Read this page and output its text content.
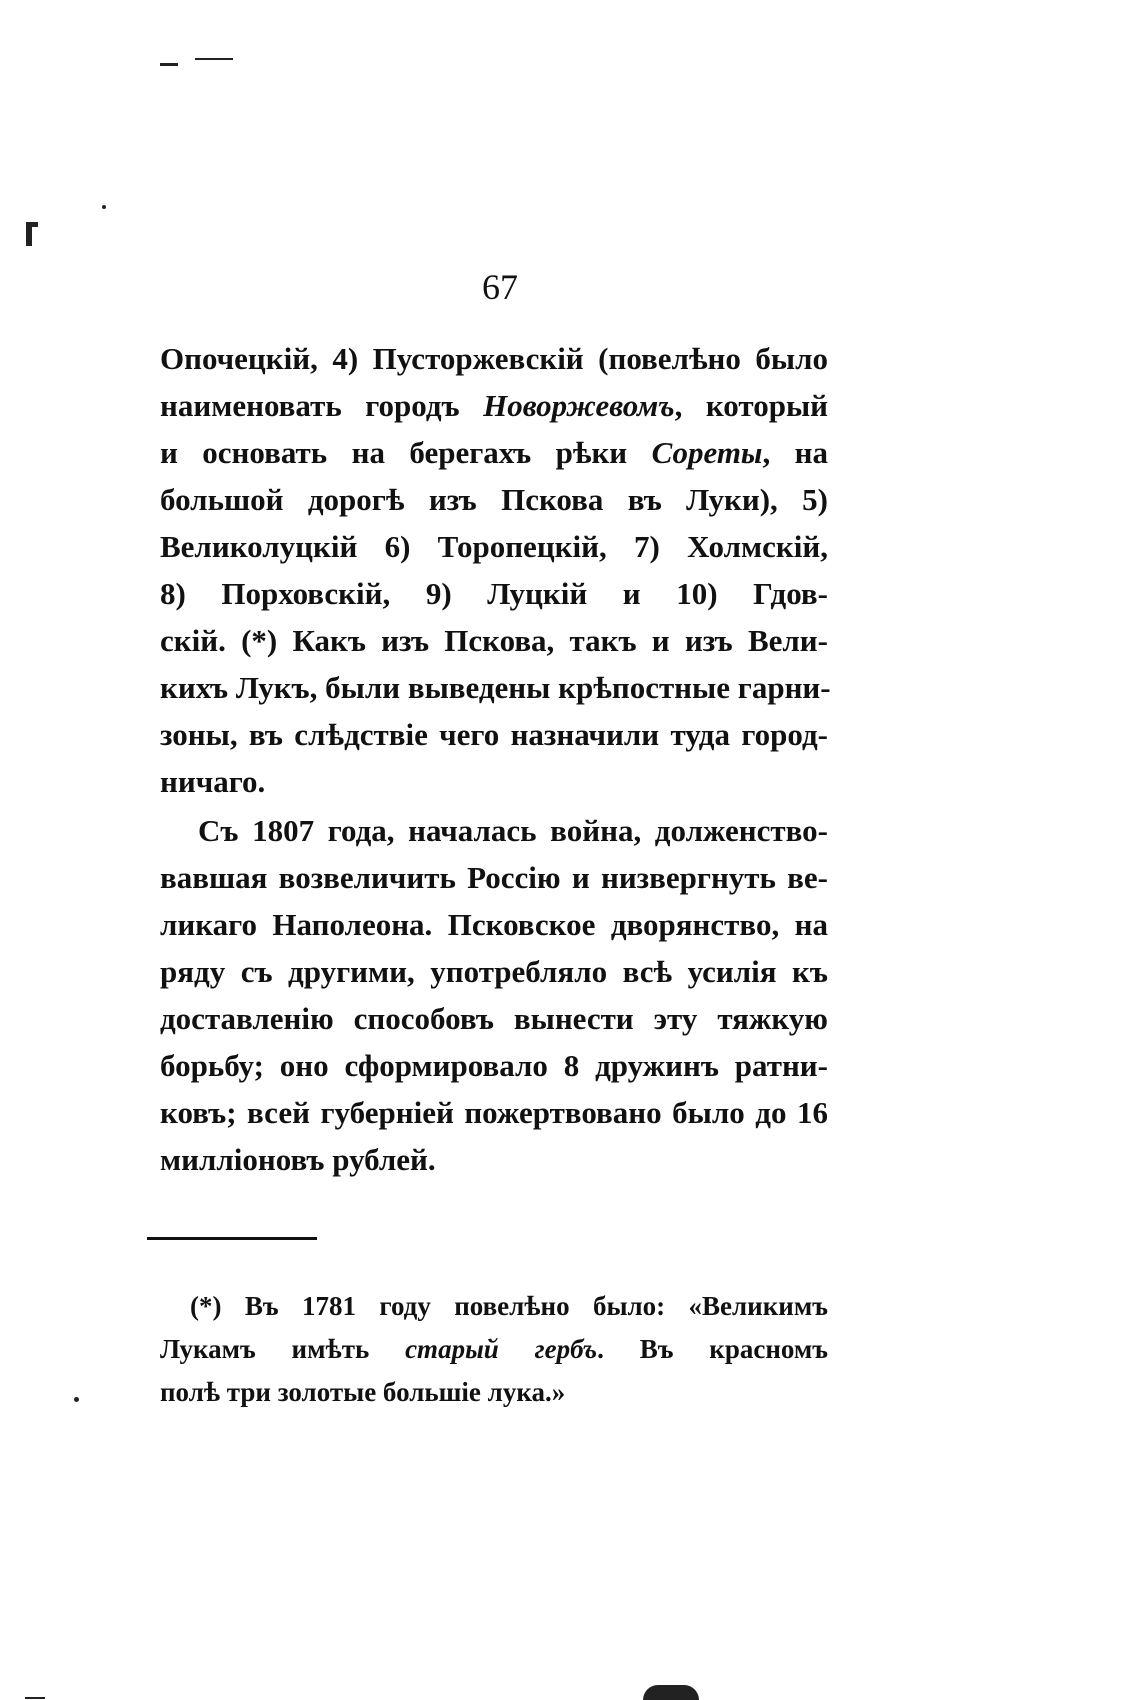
67

Опочецкій, 4) Пусторжевскій (повелѣно было
наименовать городъ Новоржевомъ, который
и основать на берегахъ рѣки Сореты, на
большой дорогѣ изъ Пскова въ Луки), 5)
Великолуцкій 6) Торопецкій, 7) Холмскій,
8) Порховскій, 9) Луцкій и 10) Гдов-
скій. (*) Какъ изъ Пскова, такъ и изъ Вели-
кихъ Лукъ, были выведены крѣпостные гарни-
зоны, въ слѣдствіе чего назначили туда город-
ничаго.

Съ 1807 года, началась война, долженство-
вавшая возвеличить Россію и низвергнуть ве-
ликаго Наполеона. Псковское дворянство, на
ряду съ другими, употребляло всѣ усилія къ
доставленію способовъ вынести эту тяжкую
борьбу; оно сформировало 8 дружинъ ратни-
ковъ; всей губерніей пожертвовано было до 16
милліоновъ рублей.

(*) Въ 1781 году повелѣно было: «Великимъ
Лукамъ имѣть старый гербъ. Въ красномъ
полѣ три золотые большіе лука.»
